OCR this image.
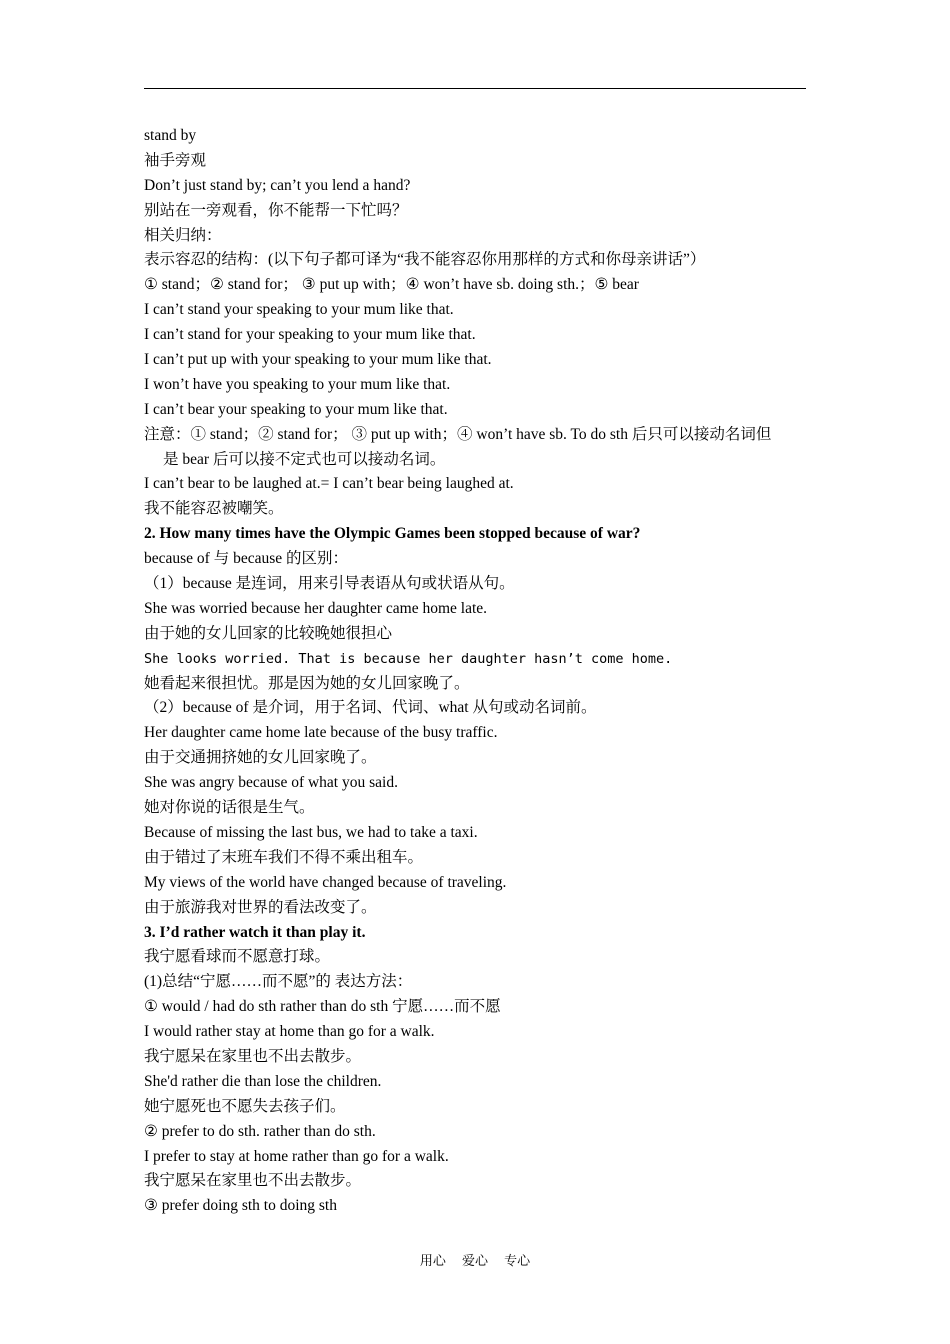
stand by
袖手旁观
Don’t just stand by; can’t you lend a hand?
别站在一旁观看，你不能帮一下忙吗？
相关归纳：
表示容忍的结构：(以下句子都可译为“我不能容忍你用那样的方式和你母亲讲话”）
① stand；② stand for； ③ put up with；④ won’t have sb. doing sth.；⑤ bear
I can’t stand your speaking to your mum like that.
I can’t stand for your speaking to your mum like that.
I can’t put up with your speaking to your mum like that.
I won’t have you speaking to your mum like that.
I can’t bear your speaking to your mum like that.
注意：① stand；② stand for； ③ put up with；④ won’t have sb. To do sth 后只可以接动名词但
是 bear 后可以接不定式也可以接动名词。
I can’t bear to be laughed at.= I can’t bear being laughed at.
我不能容忍被嘲笑。
2. How many times have the Olympic Games been stopped because of war?
because of 与 because 的区别：
（1）because 是连词，用来引导表语从句或状语从句。
She was worried because her daughter came home late.
由于她的女儿回家的比较晚她很担心
She looks worried. That is because her daughter hasn’t come home.
她看起来很担忧。那是因为她的女儿回家晚了。
（2）because of 是介词，用于名词、代词、what 从句或动名词前。
Her daughter came home late because of the busy traffic.
由于交通拥挤她的女儿回家晚了。
She was angry because of what you said.
她对你说的话很是生气。
Because of missing the last bus, we had to take a taxi.
由于错过了末班车我们不得不乘出租车。
My views of the world have changed because of traveling.
由于旅游我对世界的看法改变了。
3. I’d rather watch it than play it.
我宁愿看球而不愿意打球。
(1)总结“宁愿……而不愿”的 表达方法：
① would / had do sth rather than do sth 宁愿……而不愿
I would rather stay at home than go for a walk.
我宁愿呆在家里也不出去散步。
She'd rather die than lose the children.
她宁愿死也不愿失去孩子们。
② prefer to do sth. rather than do sth.
I prefer to stay at home rather than go for a walk.
我宁愿呆在家里也不出去散步。
③ prefer doing sth to doing sth
用心 爱心 专心
